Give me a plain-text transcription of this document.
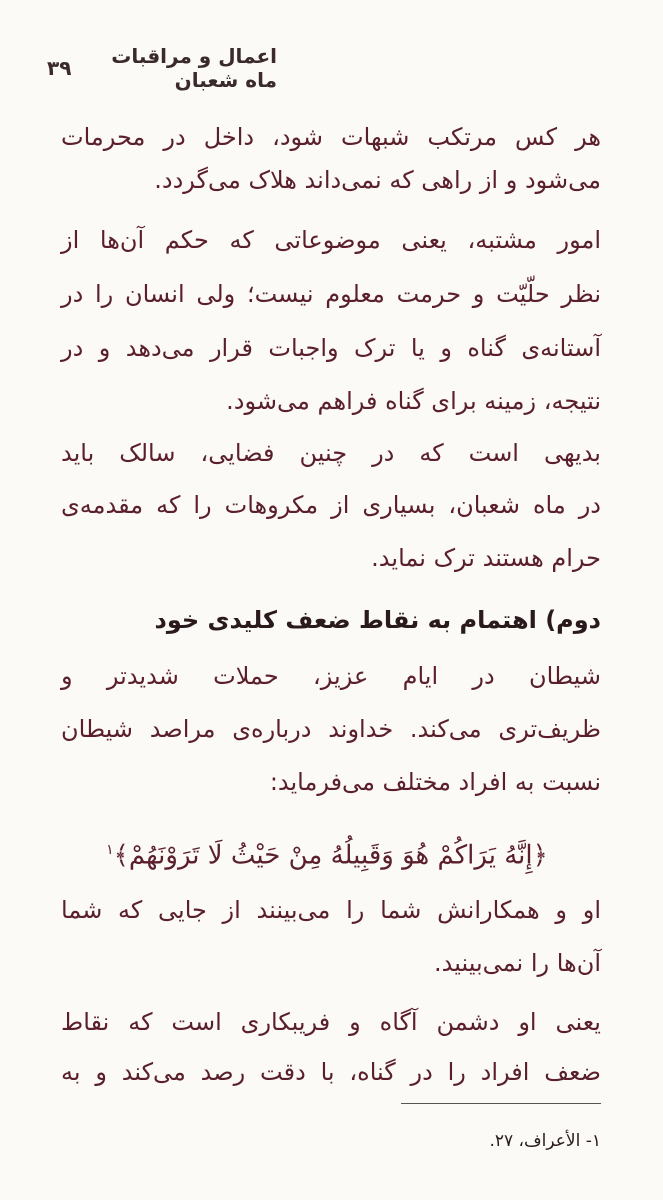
اعمال و مراقبات ماه شعبان
۳۹
هر کس مرتکب شبهات شود، داخل در محرمات
می‌شود و از راهی که نمی‌داند هلاک می‌گردد.
امور مشتبه، یعنی موضوعاتی که حکم آن‌ها از
نظر حلّیّت و حرمت معلوم نیست؛ ولی انسان را در
آستانه‌ی گناه و یا ترک واجبات قرار می‌دهد و در
نتیجه، زمینه برای گناه فراهم می‌شود.
بدیهی است که در چنین فضایی، سالک باید
در ماه شعبان، بسیاری از مکروهات را که مقدمه‌ی
حرام هستند ترک نماید.
دوم) اهتمام به نقاط ضعف کلیدی خود
شیطان در ایام عزیز، حملات شدیدتر و
ظریف‌تری می‌کند. خداوند درباره‌ی مراصد شیطان
نسبت به افراد مختلف می‌فرماید:
﴿إِنَّهُ يَرَاكُمْ هُوَ وَقَبِيلُهُ مِنْ حَيْثُ لَا تَرَوْنَهُمْ﴾$^۱$
او و همکارانش شما را می‌بینند از جایی که شما
آن‌ها را نمی‌بینید.
یعنی او دشمن آگاه و فریبکاری است که نقاط
ضعف افراد را در گناه، با دقت رصد می‌کند و به
۱- الأعراف، ۲۷.
